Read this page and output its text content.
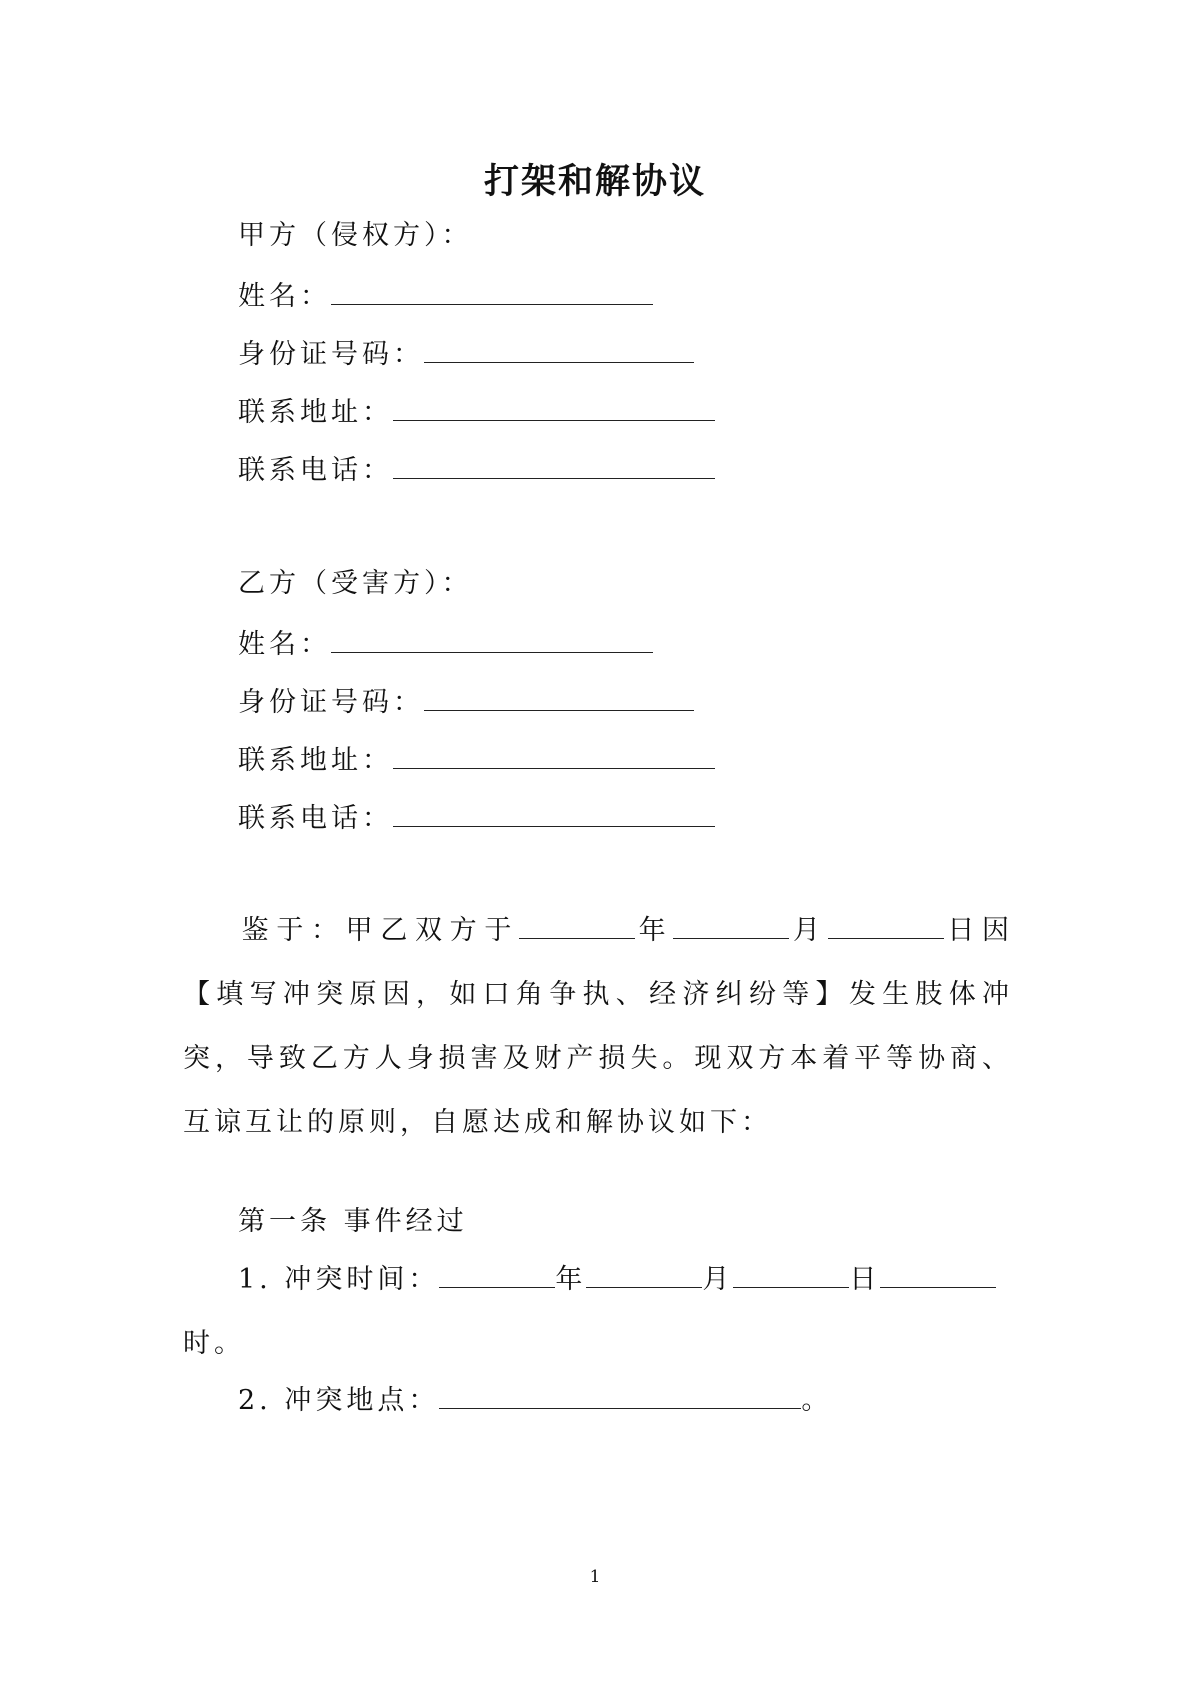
打架和解协议
甲方（侵权方）：
姓名：
身份证号码：
联系地址：
联系电话：
乙方（受害方）：
姓名：
身份证号码：
联系地址：
联系电话：
鉴于：甲乙双方于	年	月	日因【填写冲突原因，如口角争执、经济纠纷等】发生肢体冲突，导致乙方人身损害及财产损失。现双方本着平等协商、互谅互让的原则，自愿达成和解协议如下：
第一条 事件经过
1. 冲突时间：	年	月	日
时。
2. 冲突地点：	。
1
